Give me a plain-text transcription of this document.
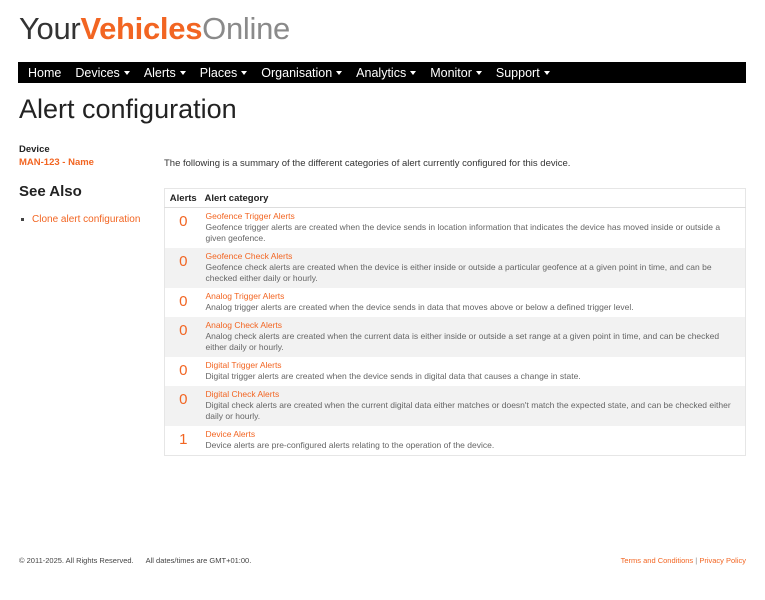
YourVehiclesOnline
Home Devices Alerts Places Organisation Analytics Monitor Support
Alert configuration
Device
MAN-123 - Name
See Also
Clone alert configuration

The following is a summary of the different categories of alert currently configured for this device.

Alerts	Alert category
0	Geofence Trigger Alerts
Geofence trigger alerts are created when the device sends in location information that indicates the device has moved inside or outside a given geofence.

0	Geofence Check Alerts
Geofence check alerts are created when the device is either inside or outside a particular geofence at a given point in time, and can be checked either daily or hourly.

0	Analog Trigger Alerts
Analog trigger alerts are created when the device sends in data that moves above or below a defined trigger level.

0	Analog Check Alerts
Analog check alerts are created when the current data is either inside or outside a set range at a given point in time, and can be checked either daily or hourly.

0	Digital Trigger Alerts
Digital trigger alerts are created when the device sends in digital data that causes a change in state.

0	Digital Check Alerts
Digital check alerts are created when the current digital data either matches or doesn't match the expected state, and can be checked either daily or hourly.

1	Device Alerts
Device alerts are pre-configured alerts relating to the operation of the device.
© 2011-2025. All Rights Reserved. All dates/times are GMT+01:00.	Terms and Conditions | Privacy Policy
